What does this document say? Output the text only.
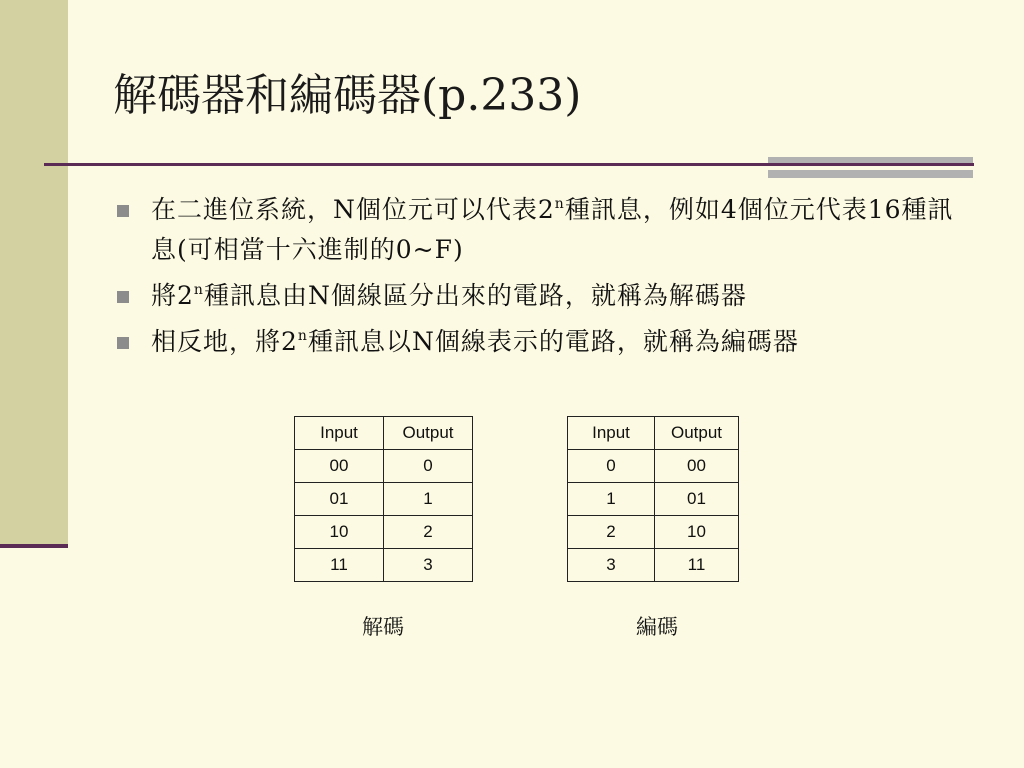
解碼器和編碼器(p.233)
在二進位系統，N個位元可以代表2$^n$種訊息，例如4個位元代表16種訊息(可相當十六進制的0~F)
將2$^n$種訊息由N個線區分出來的電路，就稱為解碼器
相反地，將2$^n$種訊息以N個線表示的電路，就稱為編碼器
Input	Output
00	0
01	1
10	2
11	3
解碼
Input	Output
0	00
1	01
2	10
3	11
編碼
